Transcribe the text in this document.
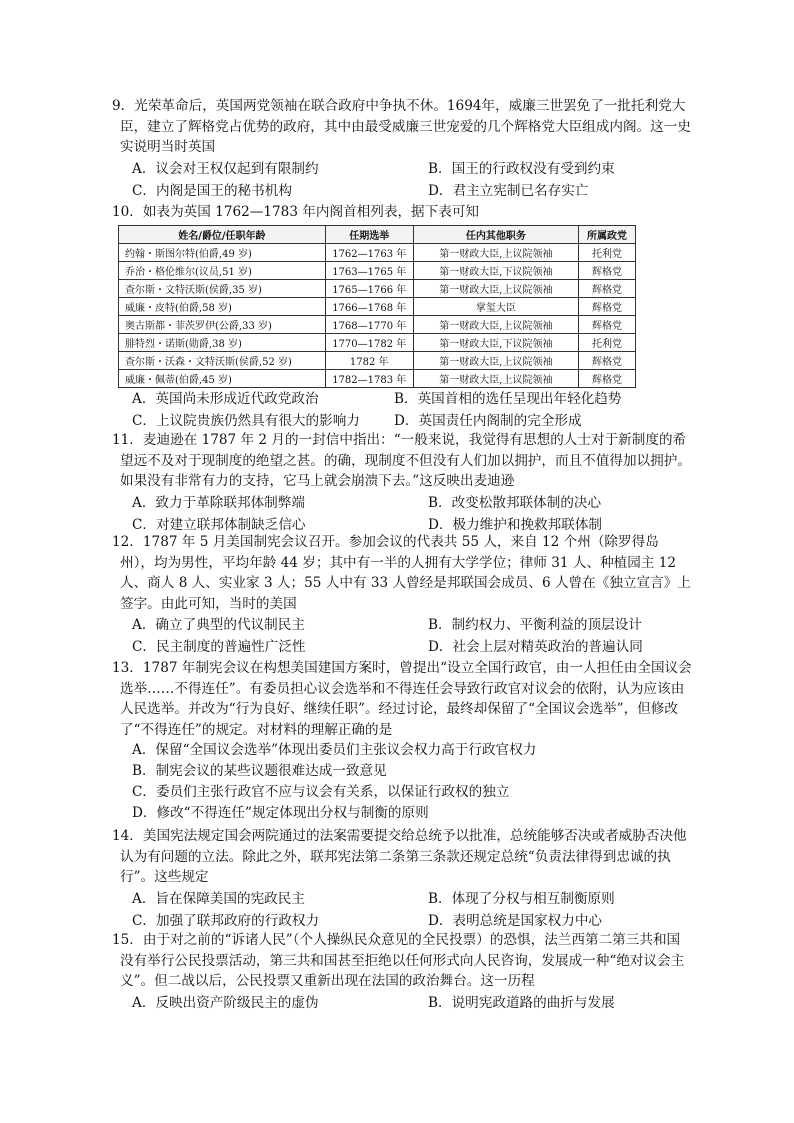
9．光荣革命后，英国两党领袖在联合政府中争执不休。1694年，威廉三世罢免了一批托利党大臣，建立了辉格党占优势的政府，其中由最受威廉三世宠爱的几个辉格党大臣组成内阁。这一史实说明当时英国

A．议会对王权仅起到有限制约	B．国王的行政权没有受到约束
C．内阁是国王的秘书机构	D．君主立宪制已名存实亡

10．如表为英国 1762—1783 年内阁首相列表，据下表可知

姓名/爵位/任职年龄	任期选举	任内其他职务	所属政党
约翰・斯图尔特(伯爵,49 岁)	1762—1763 年	第一财政大臣,上议院领袖	托利党
乔治・格伦维尔(议员,51 岁)	1763—1765 年	第一财政大臣,下议院领袖	辉格党
查尔斯・文特沃斯(侯爵,35 岁)	1765—1766 年	第一财政大臣,上议院领袖	辉格党
威廉・皮特(伯爵,58 岁)	1766—1768 年	掌玺大臣	辉格党
奥古斯都・菲茨罗伊(公爵,33 岁)	1768—1770 年	第一财政大臣,上议院领袖	辉格党
腓特烈・诺斯(勋爵,38 岁)	1770—1782 年	第一财政大臣,下议院领袖	托利党
查尔斯・沃森・文特沃斯(侯爵,52 岁)	1782 年	第一财政大臣,上议院领袖	辉格党
威廉・佩蒂(伯爵,45 岁)	1782—1783 年	第一财政大臣,上议院领袖	辉格党
A．英国尚未形成近代政党政治	B．英国首相的选任呈现出年轻化趋势
C．上议院贵族仍然具有很大的影响力	D．英国责任内阁制的完全形成

11．麦迪逊在 1787 年 2 月的一封信中指出：“一般来说，我觉得有思想的人士对于新制度的希望远不及对于现制度的绝望之甚。的确，现制度不但没有人们加以拥护，而且不值得加以拥护。如果没有非常有力的支持，它马上就会崩溃下去。”这反映出麦迪逊

A．致力于革除联邦体制弊端	B．改变松散邦联体制的决心
C．对建立联邦体制缺乏信心	D．极力维护和挽救邦联体制

12．1787 年 5 月美国制宪会议召开。参加会议的代表共 55 人，来自 12 个州（除罗得岛州），均为男性，平均年龄 44 岁；其中有一半的人拥有大学学位；律师 31 人、种植园主 12 人、商人 8 人、实业家 3 人；55 人中有 33 人曾经是邦联国会成员、6 人曾在《独立宣言》上签字。由此可知，当时的美国

A．确立了典型的代议制民主	B．制约权力、平衡利益的顶层设计
C．民主制度的普遍性广泛性	D．社会上层对精英政治的普遍认同

13．1787 年制宪会议在构想美国建国方案时，曾提出“设立全国行政官，由一人担任由全国议会选举……不得连任”。有委员担心议会选举和不得连任会导致行政官对议会的依附，认为应该由人民选举。并改为“行为良好、继续任职”。经过讨论，最终却保留了“全国议会选举”，但修改了“不得连任”的规定。对材料的理解正确的是

A．保留“全国议会选举”体现出委员们主张议会权力高于行政官权力
B．制宪会议的某些议题很难达成一致意见
C．委员们主张行政官不应与议会有关系，以保证行政权的独立
D．修改“不得连任”规定体现出分权与制衡的原则

14．美国宪法规定国会两院通过的法案需要提交给总统予以批准，总统能够否决或者威胁否决他认为有问题的立法。除此之外，联邦宪法第二条第三条款还规定总统“负责法律得到忠诚的执行”。这些规定

A．旨在保障美国的宪政民主	B．体现了分权与相互制衡原则
C．加强了联邦政府的行政权力	D．表明总统是国家权力中心

15．由于对之前的“诉诸人民”（个人操纵民众意见的全民投票）的恐惧，法兰西第二第三共和国没有举行公民投票活动，第三共和国甚至拒绝以任何形式向人民咨询，发展成一种“绝对议会主义”。但二战以后，公民投票又重新出现在法国的政治舞台。这一历程

A．反映出资产阶级民主的虚伪	B．说明宪政道路的曲折与发展
